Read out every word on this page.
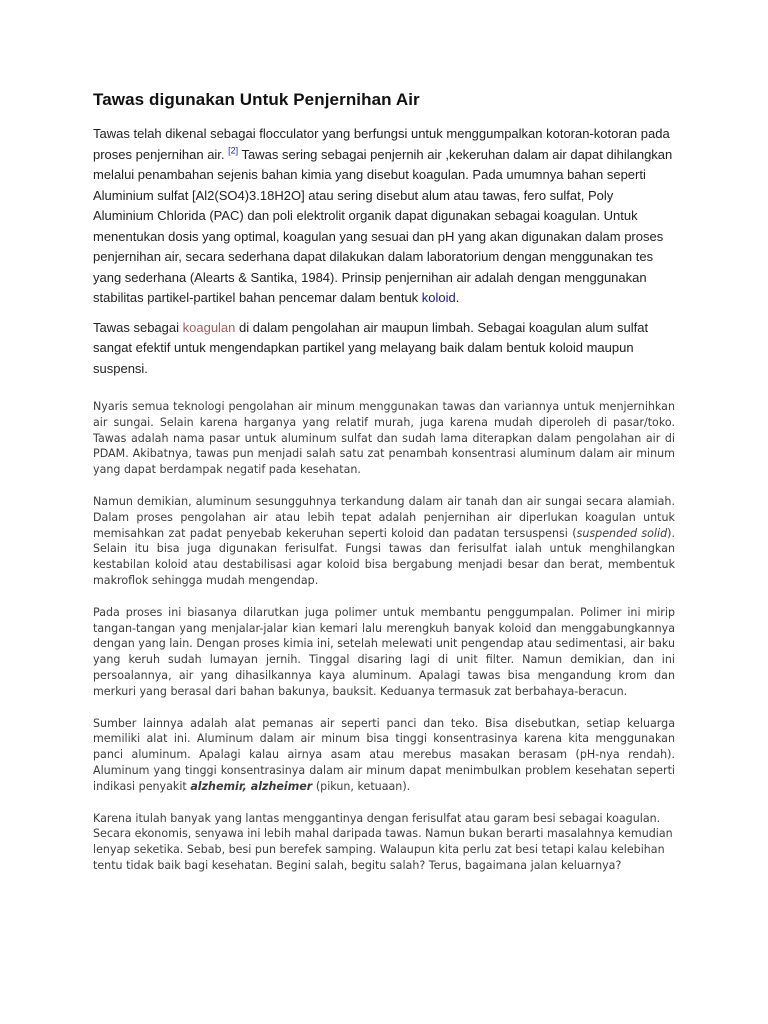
Tawas digunakan Untuk Penjernihan Air

Tawas telah dikenal sebagai flocculator yang berfungsi untuk menggumpalkan kotoran-kotoran pada proses penjernihan air. [2] Tawas sering sebagai penjernih air ,kekeruhan dalam air dapat dihilangkan melalui penambahan sejenis bahan kimia yang disebut koagulan. Pada umumnya bahan seperti Aluminium sulfat [Al2(SO4)3.18H2O] atau sering disebut alum atau tawas, fero sulfat, Poly Aluminium Chlorida (PAC) dan poli elektrolit organik dapat digunakan sebagai koagulan. Untuk menentukan dosis yang optimal, koagulan yang sesuai dan pH yang akan digunakan dalam proses penjernihan air, secara sederhana dapat dilakukan dalam laboratorium dengan menggunakan tes yang sederhana (Alearts & Santika, 1984). Prinsip penjernihan air adalah dengan menggunakan stabilitas partikel-partikel bahan pencemar dalam bentuk koloid.

Tawas sebagai koagulan di dalam pengolahan air maupun limbah. Sebagai koagulan alum sulfat sangat efektif untuk mengendapkan partikel yang melayang baik dalam bentuk koloid maupun suspensi.

Nyaris semua teknologi pengolahan air minum menggunakan tawas dan variannya untuk menjernihkan air sungai. Selain karena harganya yang relatif murah, juga karena mudah diperoleh di pasar/toko. Tawas adalah nama pasar untuk aluminum sulfat dan sudah lama diterapkan dalam pengolahan air di PDAM. Akibatnya, tawas pun menjadi salah satu zat penambah konsentrasi aluminum dalam air minum yang dapat berdampak negatif pada kesehatan.

Namun demikian, aluminum sesungguhnya terkandung dalam air tanah dan air sungai secara alamiah. Dalam proses pengolahan air atau lebih tepat adalah penjernihan air diperlukan koagulan untuk memisahkan zat padat penyebab kekeruhan seperti koloid dan padatan tersuspensi (suspended solid). Selain itu bisa juga digunakan ferisulfat. Fungsi tawas dan ferisulfat ialah untuk menghilangkan kestabilan koloid atau destabilisasi agar koloid bisa bergabung menjadi besar dan berat, membentuk makroflok sehingga mudah mengendap.

Pada proses ini biasanya dilarutkan juga polimer untuk membantu penggumpalan. Polimer ini mirip tangan-tangan yang menjalar-jalar kian kemari lalu merengkuh banyak koloid dan menggabungkannya dengan yang lain. Dengan proses kimia ini, setelah melewati unit pengendap atau sedimentasi, air baku yang keruh sudah lumayan jernih. Tinggal disaring lagi di unit filter. Namun demikian, dan ini persoalannya, air yang dihasilkannya kaya aluminum. Apalagi tawas bisa mengandung krom dan merkuri yang berasal dari bahan bakunya, bauksit. Keduanya termasuk zat berbahaya-beracun.

Sumber lainnya adalah alat pemanas air seperti panci dan teko. Bisa disebutkan, setiap keluarga memiliki alat ini. Aluminum dalam air minum bisa tinggi konsentrasinya karena kita menggunakan panci aluminum. Apalagi kalau airnya asam atau merebus masakan berasam (pH-nya rendah). Aluminum yang tinggi konsentrasinya dalam air minum dapat menimbulkan problem kesehatan seperti indikasi penyakit alzhemir, alzheimer (pikun, ketuaan).

Karena itulah banyak yang lantas menggantinya dengan ferisulfat atau garam besi sebagai koagulan. Secara ekonomis, senyawa ini lebih mahal daripada tawas. Namun bukan berarti masalahnya kemudian lenyap seketika. Sebab, besi pun berefek samping. Walaupun kita perlu zat besi tetapi kalau kelebihan tentu tidak baik bagi kesehatan. Begini salah, begitu salah? Terus, bagaimana jalan keluarnya?
